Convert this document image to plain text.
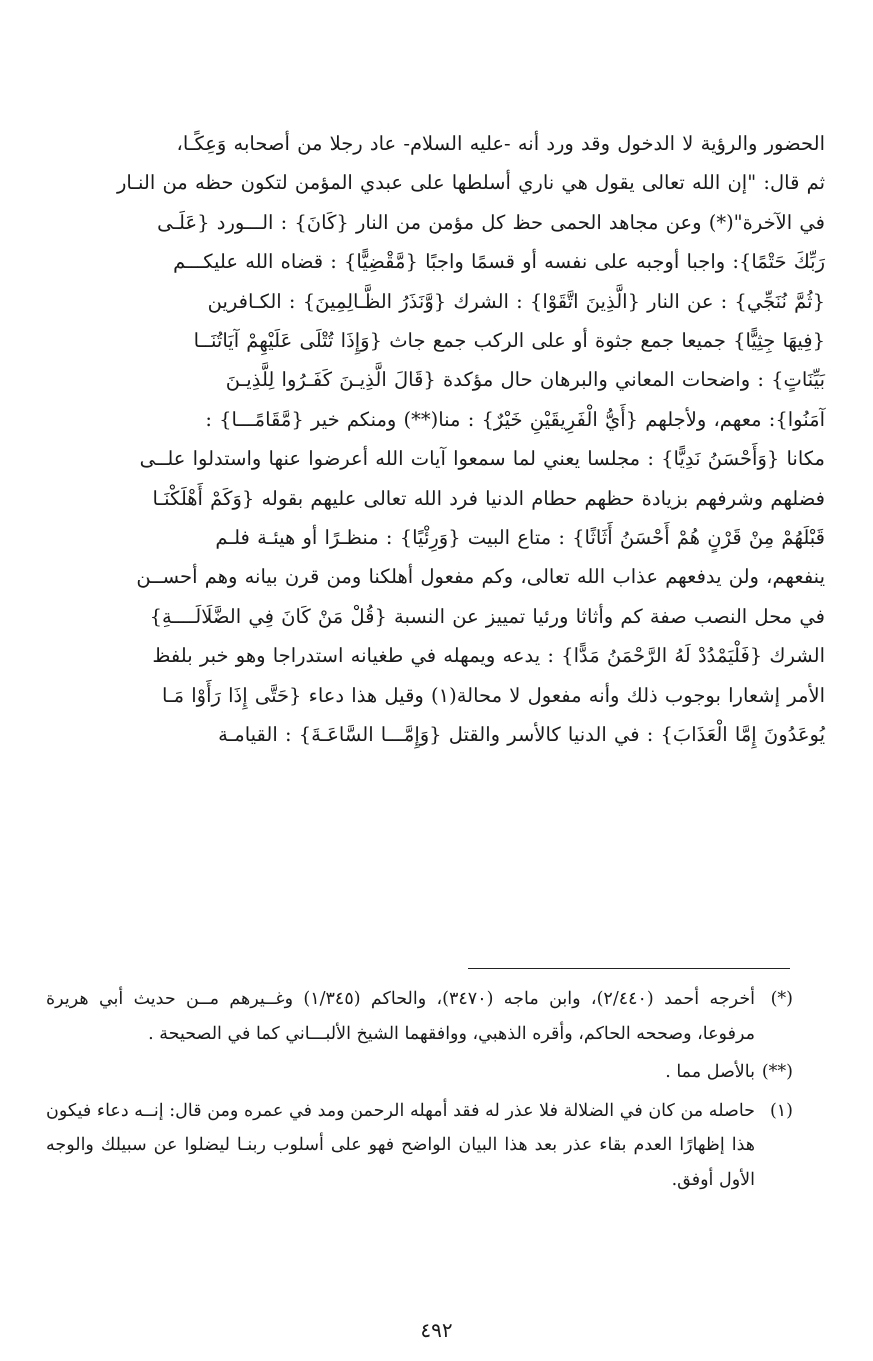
الحضور والرؤية لا الدخول وقد ورد أنه -عليه السلام- عاد رجلا من أصحابه وَعِكًـا،

ثم قال: "إن الله تعالى يقول هي ناري أسلطها على عبدي المؤمن لتكون حظه من النـار

في الآخرة"(*) وعن مجاهد الحمى حظ كل مؤمن من النار {كَانَ} : الـــورد {عَلَـى

رَبِّكَ حَتْمًا}: واجبا أوجبه على نفسه أو قسمًا واجبًا {مَّقْضِيًّا} : قضاه الله عليكـــم

{ثُمَّ نُنَجِّي} : عن النار {الَّذِينَ اتَّقَوْا} : الشرك {وَّنَذَرُ الظَّـالِمِينَ} : الكـافرين

{فِيهَا جِثِيًّا} جميعا جمع جثوة أو على الركب جمع جاث {وَإِذَا تُتْلَى عَلَيْهِمْ آيَاتُنَــا

بَيِّنَاتٍ} : واضحات المعاني والبرهان حال مؤكدة {قَالَ الَّذِيـنَ كَفَـرُوا لِلَّذِيـنَ

آمَنُوا}: معهم، ولأجلهم {أَيُّ الْفَرِيقَيْنِ خَيْرٌ} : منا(**) ومنكم خير {مَّقَامًـــا} :

مكانا {وَأَحْسَنُ نَدِيًّا} : مجلسا يعني لما سمعوا آيات الله أعرضوا عنها واستدلوا علــى

فضلهم وشرفهم بزيادة حظهم حطام الدنيا فرد الله تعالى عليهم بقوله {وَكَمْ أَهْلَكْنَـا

قَبْلَهُمْ مِنْ قَرْنٍ هُمْ أَحْسَنُ أَثَاثًا} : متاع البيت {وَرِئْيًا} : منظـرًا أو هيئـة فلـم

ينفعهم، ولن يدفعهم عذاب الله تعالى، وكم مفعول أهلكنا ومن قرن بيانه وهم أحســن

في محل النصب صفة كم وأثاثا ورئيا تمييز عن النسبة {قُلْ مَنْ كَانَ فِي الضَّلَالَــــةِ}

الشرك {فَلْيَمْدُدْ لَهُ الرَّحْمَنُ مَدًّا} : يدعه ويمهله في طغيانه استدراجا وهو خبر بلفظ

الأمر إشعارا بوجوب ذلك وأنه مفعول لا محالة(١) وقيل هذا دعاء {حَتَّى إِذَا رَأَوْا مَـا

يُوعَدُونَ إِمَّا الْعَذَابَ} : في الدنيا كالأسر والقتل {وَإِمَّـــا السَّاعَـةَ} : القيامـة

(*)
أخرجه أحمد (٢/٤٤٠)، وابن ماجه (٣٤٧٠)، والحاكم (١/٣٤٥) وغــيرهم مــن حديث أبي هريرة مرفوعا، وصححه الحاكم، وأقره الذهبي، ووافقهما الشيخ الألبـــاني كما في الصحيحة .
(**)
بالأصل مما .
(١)
حاصله من كان في الضلالة فلا عذر له فقد أمهله الرحمن ومد في عمره ومن قال: إنــه دعاء فيكون هذا إظهارًا العدم بقاء عذر بعد هذا البيان الواضح فهو على أسلوب ربنـا ليضلوا عن سبيلك والوجه الأول أوفق.
٤٩٢
